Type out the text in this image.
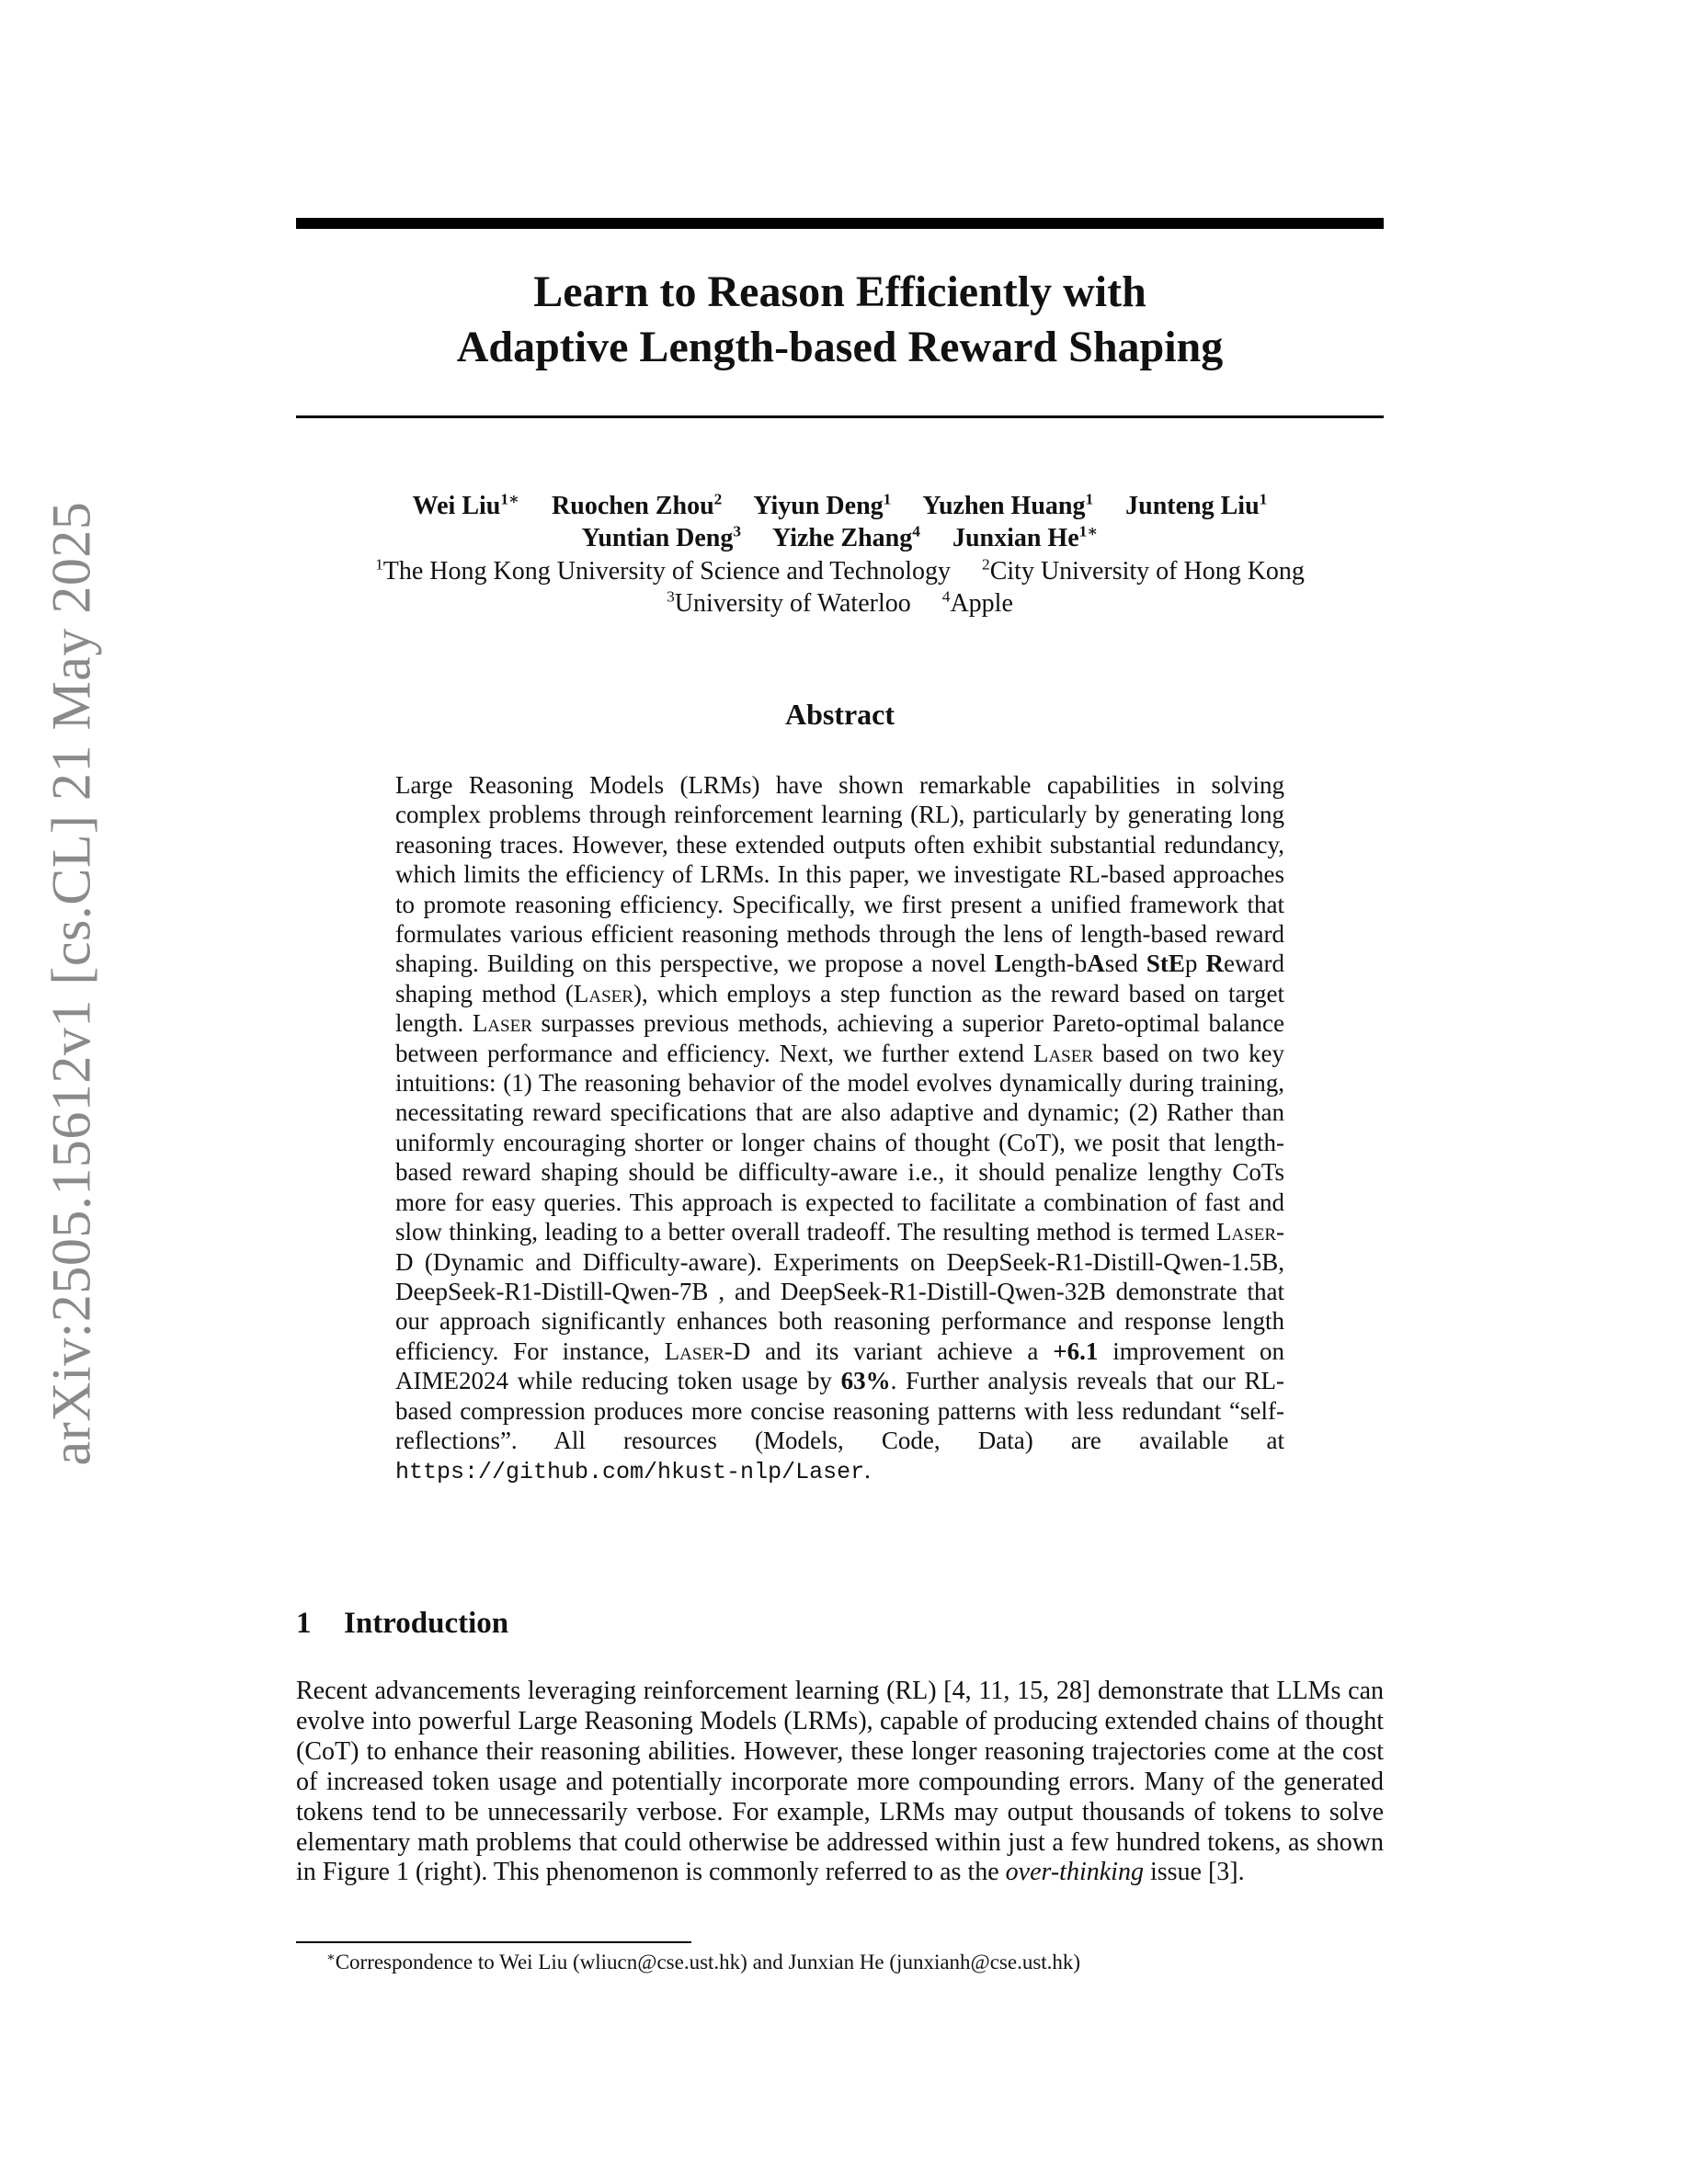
arXiv:2505.15612v1 [cs.CL] 21 May 2025
Learn to Reason Efficiently with
Adaptive Length-based Reward Shaping
Wei Liu$^{1∗}$ Ruochen Zhou$^2$ Yiyun Deng$^1$ Yuzhen Huang$^1$ Junteng Liu$^1$
Yuntian Deng$^3$ Yizhe Zhang$^4$ Junxian $He^{1∗}$
$^1$The Hong Kong University of Science and Technology $^2$City University of Hong Kong
$^3$University of Waterloo $^4$Apple
Abstract
Large Reasoning Models (LRMs) have shown remarkable capabilities in solving complex problems through reinforcement learning (RL), particularly by generating long reasoning traces. However, these extended outputs often exhibit substantial redundancy, which limits the efficiency of LRMs. In this paper, we investigate RL-based approaches to promote reasoning efficiency. Specifically, we first present a unified framework that formulates various efficient reasoning methods through the lens of length-based reward shaping. Building on this perspective, we propose a novel Length-bAsed StEp Reward shaping method (Laser), which employs a step function as the reward based on target length. Laser surpasses previous methods, achieving a superior Pareto-optimal balance between performance and efficiency. Next, we further extend Laser based on two key intuitions: (1) The reasoning behavior of the model evolves dynamically during training, necessitating reward specifications that are also adaptive and dynamic; (2) Rather than uniformly encouraging shorter or longer chains of thought (CoT), we posit that length-based reward shaping should be difficulty-aware i.e., it should penalize lengthy CoTs more for easy queries. This approach is expected to facilitate a combination of fast and slow thinking, leading to a better overall tradeoff. The resulting method is termed Laser-D (Dynamic and Difficulty-aware). Experiments on DeepSeek-R1-Distill-Qwen-1.5B, DeepSeek-R1-Distill-Qwen-7B , and DeepSeek-R1-Distill-Qwen-32B demonstrate that our approach significantly enhances both reasoning performance and response length efficiency. For instance, Laser-D and its variant achieve a +6.1 improvement on AIME2024 while reducing token usage by 63%. Further analysis reveals that our RL-based compression produces more concise reasoning patterns with less redundant “self-reflections”. All resources (Models, Code, Data) are available at https://github.com/hkust-nlp/Laser.
1 Introduction
Recent advancements leveraging reinforcement learning (RL) [4, 11, 15, 28] demonstrate that LLMs can evolve into powerful Large Reasoning Models (LRMs), capable of producing extended chains of thought (CoT) to enhance their reasoning abilities. However, these longer reasoning trajectories come at the cost of increased token usage and potentially incorporate more compounding errors. Many of the generated tokens tend to be unnecessarily verbose. For example, LRMs may output thousands of tokens to solve elementary math problems that could otherwise be addressed within just a few hundred tokens, as shown in Figure 1 (right). This phenomenon is commonly referred to as the over-thinking issue [3].
∗Correspondence to Wei Liu (wliucn@cse.ust.hk) and Junxian He (junxianh@cse.ust.hk)
